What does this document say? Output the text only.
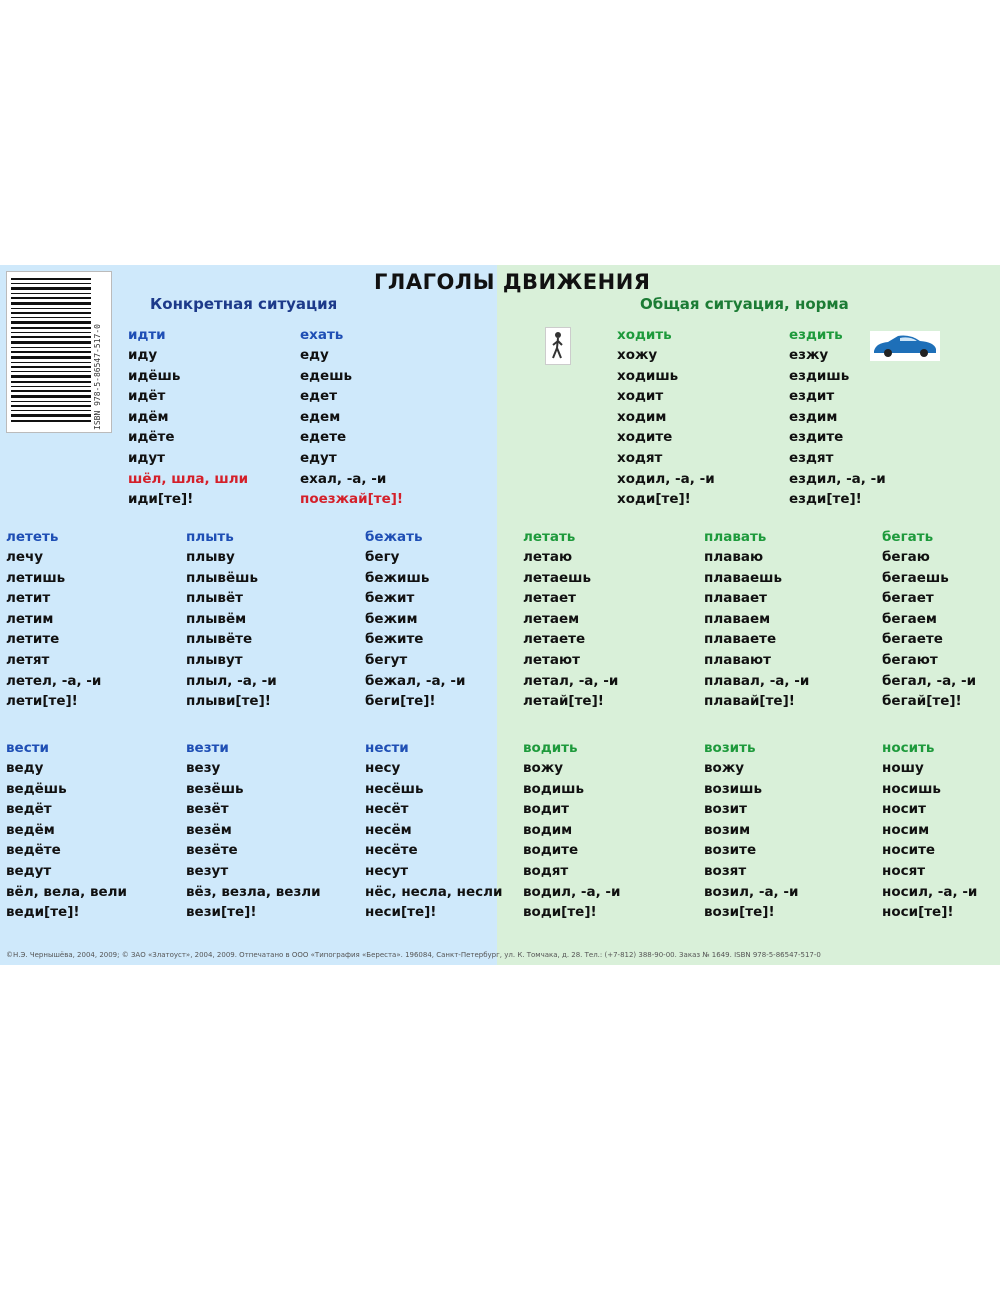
ISBN 978-5-86547-517-0
ГЛАГОЛЫ ДВИЖЕНИЯ
Конкретная ситуация	Общая ситуация, норма
идти
иду
идёшь
идёт
идём
идёте
идут
шёл, шла, шли
иди[те]!
ехать
еду
едешь
едет
едем
едете
едут
ехал, -а, -и
поезжай[те]!
ходить
хожу
ходишь
ходит
ходим
ходите
ходят
ходил, -а, -и
ходи[те]!
ездить
езжу
ездишь
ездит
ездим
ездите
ездят
ездил, -а, -и
езди[те]!
лететь
лечу
летишь
летит
летим
летите
летят
летел, -а, -и
лети[те]!
плыть
плыву
плывёшь
плывёт
плывём
плывёте
плывут
плыл, -а, -и
плыви[те]!
бежать
бегу
бежишь
бежит
бежим
бежите
бегут
бежал, -а, -и
беги[те]!
летать
летаю
летаешь
летает
летаем
летаете
летают
летал, -а, -и
летай[те]!
плавать
плаваю
плаваешь
плавает
плаваем
плаваете
плавают
плавал, -а, -и
плавай[те]!
бегать
бегаю
бегаешь
бегает
бегаем
бегаете
бегают
бегал, -а, -и
бегай[те]!
вести
веду
ведёшь
ведёт
ведём
ведёте
ведут
вёл, вела, вели
веди[те]!
везти
везу
везёшь
везёт
везём
везёте
везут
вёз, везла, везли
вези[те]!
нести
несу
несёшь
несёт
несём
несёте
несут
нёс, несла, несли
неси[те]!
водить
вожу
водишь
водит
водим
водите
водят
водил, -а, -и
води[те]!
возить
вожу
возишь
возит
возим
возите
возят
возил, -а, -и
вози[те]!
носить
ношу
носишь
носит
носим
носите
носят
носил, -а, -и
носи[те]!
©Н.Э. Чернышёва, 2004, 2009; © ЗАО «Златоуст», 2004, 2009. Отпечатано в ООО «Типография «Береста». 196084, Санкт-Петербург, ул. К. Томчака, д. 28. Тел.: (+7-812) 388-90-00. Заказ № 1649. ISBN 978-5-86547-517-0
